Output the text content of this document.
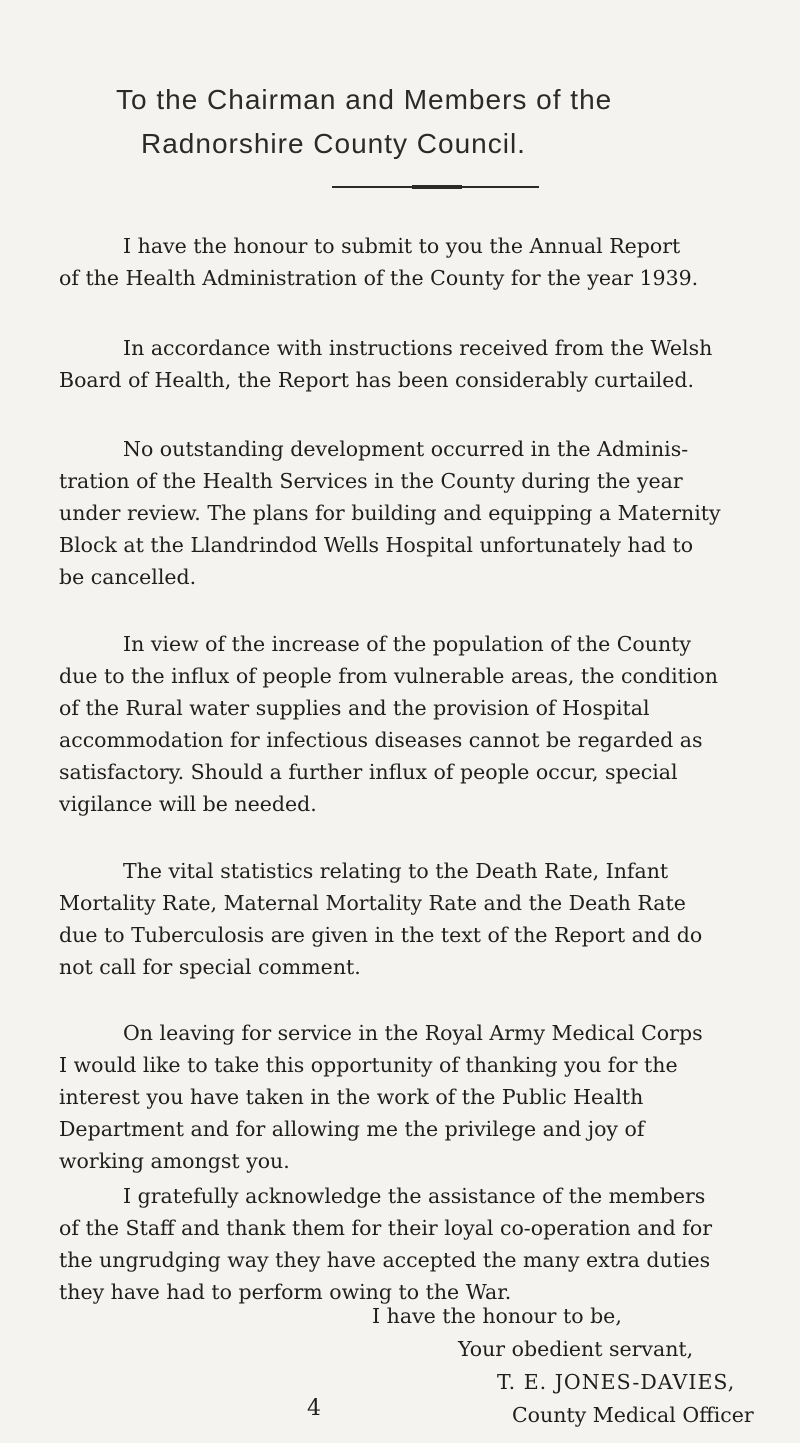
To the Chairman and Members of the
Radnorshire County Council.
I have the honour to submit to you the Annual Report
of the Health Administration of the County for the year 1939.
In accordance with instructions received from the Welsh
Board of Health, the Report has been considerably curtailed.
No outstanding development occurred in the Adminis-
tration of the Health Services in the County during the year
under review. The plans for building and equipping a Maternity
Block at the Llandrindod Wells Hospital unfortunately had to
be cancelled.
In view of the increase of the population of the County
due to the influx of people from vulnerable areas, the condition
of the Rural water supplies and the provision of Hospital
accommodation for infectious diseases cannot be regarded as
satisfactory. Should a further influx of people occur, special
vigilance will be needed.
The vital statistics relating to the Death Rate, Infant
Mortality Rate, Maternal Mortality Rate and the Death Rate
due to Tuberculosis are given in the text of the Report and do
not call for special comment.
On leaving for service in the Royal Army Medical Corps
I would like to take this opportunity of thanking you for the
interest you have taken in the work of the Public Health
Department and for allowing me the privilege and joy of
working amongst you.
I gratefully acknowledge the assistance of the members
of the Staff and thank them for their loyal co-operation and for
the ungrudging way they have accepted the many extra duties
they have had to perform owing to the War.
I have the honour to be,
Your obedient servant,
T. E. JONES-DAVIES,
County Medical Officer
4
